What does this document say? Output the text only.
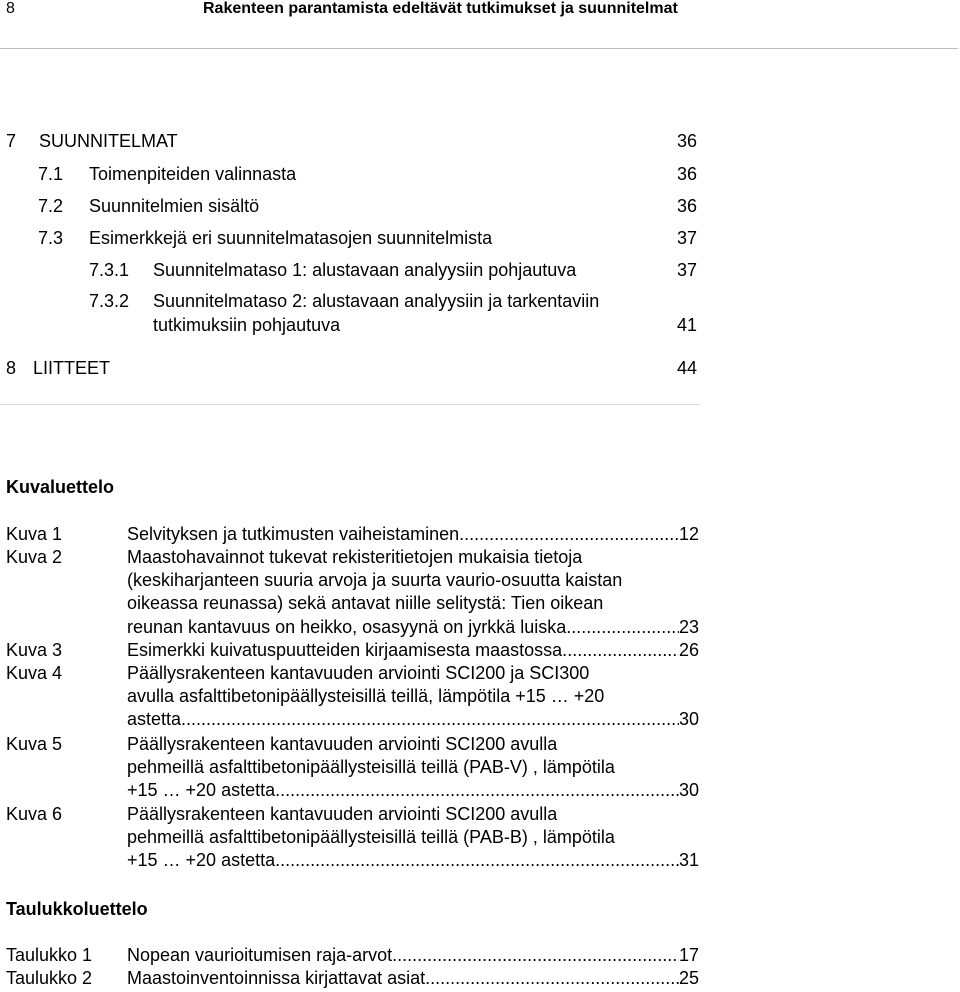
8	Rakenteen parantamista edeltävät tutkimukset ja suunnitelmat
7 SUUNNITELMAT	36
7.1 Toimenpiteiden valinnasta	36
7.2 Suunnitelmien sisältö	36
7.3 Esimerkkejä eri suunnitelmatasojen suunnitelmista	37
7.3.1 Suunnitelmataso 1: alustavaan analyysiin pohjautuva	37
7.3.2 Suunnitelmataso 2: alustavaan analyysiin ja tarkentaviin
tutkimuksiin pohjautuva	41
8 LIITTEET	44
Kuvaluettelo
Kuva 1	Selvityksen ja tutkimusten vaiheistaminen. .....	12
Kuva 2	Maastohavainnot tukevat rekisteritietojen mukaisia tietoja
(keskiharjanteen suuria arvoja ja suurta vaurio-osuutta kaistan
oikeassa reunassa) sekä antavat niille selitystä: Tien oikean
reunan kantavuus on heikko, osasyynä on jyrkkä luiska .....	23
Kuva 3	Esimerkki kuivatuspuutteiden kirjaamisesta maastossa. .....	26
Kuva 4	Päällysrakenteen kantavuuden arviointi SCI200 ja SCI300
avulla asfalttibetonipäällysteisillä teillä, lämpötila +15 … +20
astetta .....	30
Kuva 5	Päällysrakenteen kantavuuden arviointi SCI200 avulla
pehmeillä asfalttibetonipäällysteisillä teillä (PAB-V) , lämpötila
+15 … +20 astetta. .....	30
Kuva 6	Päällysrakenteen kantavuuden arviointi SCI200 avulla
pehmeillä asfalttibetonipäällysteisillä teillä (PAB-B) , lämpötila
+15 … +20 astetta. .....	31
Taulukkoluettelo
Taulukko 1 Nopean vaurioitumisen raja-arvot .....	17
Taulukko 2 Maastoinventoinnissa kirjattavat asiat. .....	25
